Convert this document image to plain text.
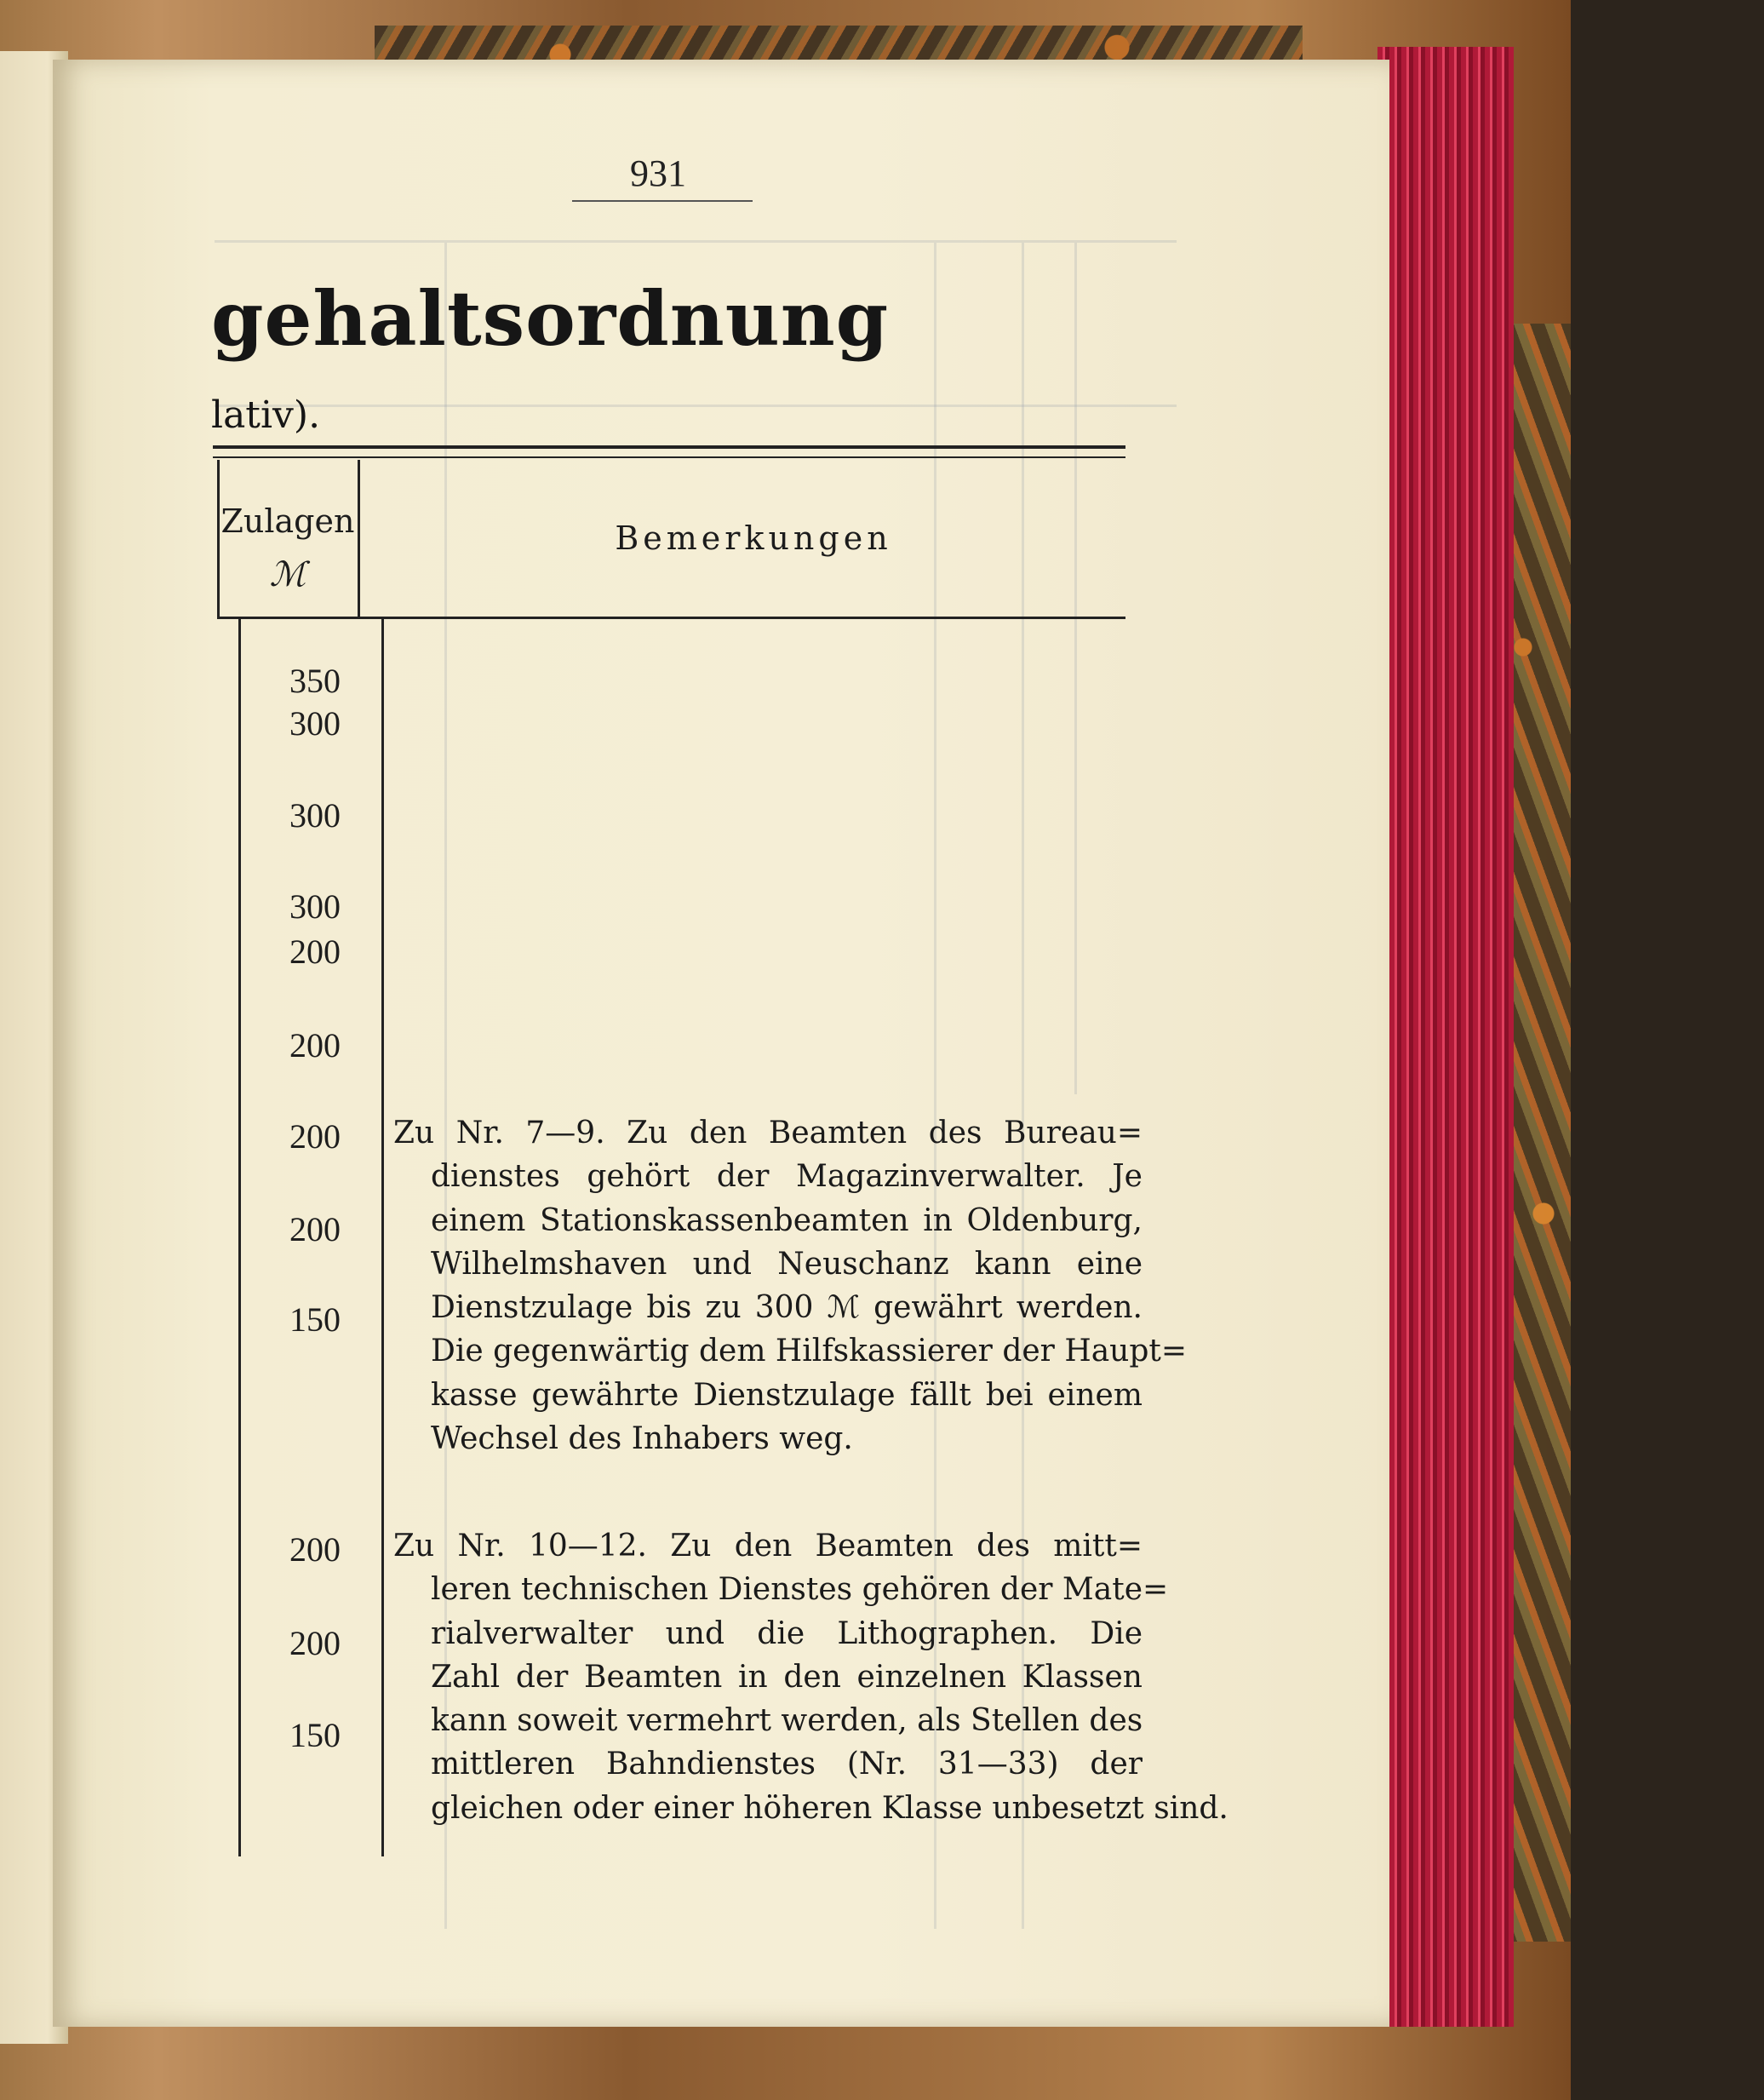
931
gehaltsordnung
lativ).
Zulagen
ℳ
Bemerkungen
350
300
300
300
200
200
200
200
150
200
200
150
Zu Nr. 7—9. Zu den Beamten des Bureau=
dienstes gehört der Magazinverwalter. Je
einem Stationskassenbeamten in Oldenburg,
Wilhelmshaven und Neuschanz kann eine
Dienstzulage bis zu 300 ℳ gewährt werden.
Die gegenwärtig dem Hilfskassierer der Haupt=
kasse gewährte Dienstzulage fällt bei einem
Wechsel des Inhabers weg.
Zu Nr. 10—12. Zu den Beamten des mitt=
leren technischen Dienstes gehören der Mate=
rialverwalter und die Lithographen. Die
Zahl der Beamten in den einzelnen Klassen
kann soweit vermehrt werden, als Stellen des
mittleren Bahndienstes (Nr. 31—33) der
gleichen oder einer höheren Klasse unbesetzt sind.
